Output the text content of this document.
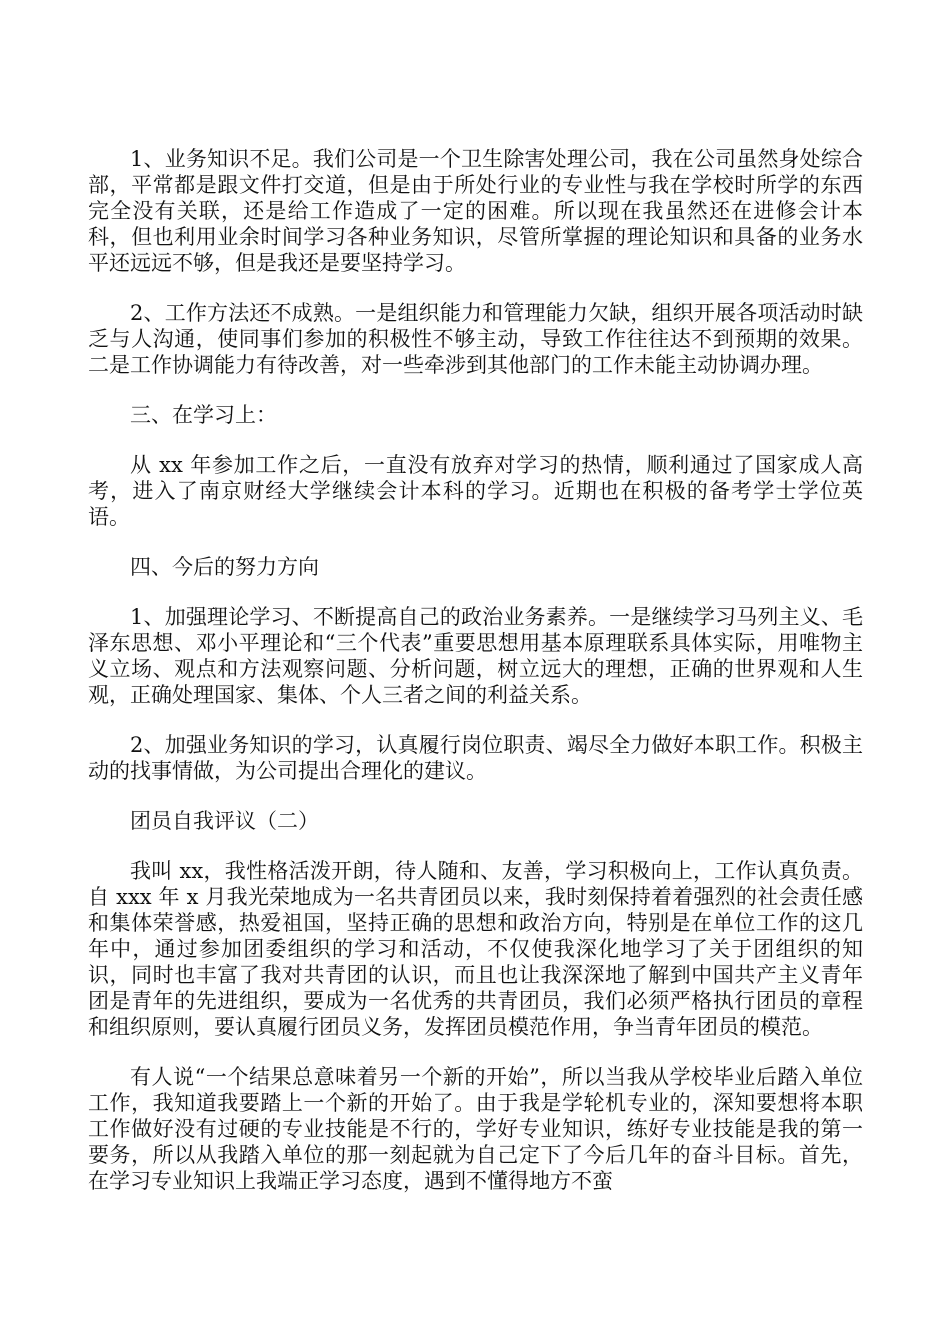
1、业务知识不足。我们公司是一个卫生除害处理公司，我在公司虽然身处综合部，平常都是跟文件打交道，但是由于所处行业的专业性与我在学校时所学的东西完全没有关联，还是给工作造成了一定的困难。所以现在我虽然还在进修会计本科，但也利用业余时间学习各种业务知识，尽管所掌握的理论知识和具备的业务水平还远远不够，但是我还是要坚持学习。

2、工作方法还不成熟。一是组织能力和管理能力欠缺，组织开展各项活动时缺乏与人沟通，使同事们参加的积极性不够主动，导致工作往往达不到预期的效果。二是工作协调能力有待改善，对一些牵涉到其他部门的工作未能主动协调办理。

三、在学习上：

从 xx 年参加工作之后，一直没有放弃对学习的热情，顺利通过了国家成人高考，进入了南京财经大学继续会计本科的学习。近期也在积极的备考学士学位英语。

四、今后的努力方向

1、加强理论学习、不断提高自己的政治业务素养。一是继续学习马列主义、毛泽东思想、邓小平理论和“三个代表”重要思想用基本原理联系具体实际，用唯物主义立场、观点和方法观察问题、分析问题，树立远大的理想，正确的世界观和人生观，正确处理国家、集体、个人三者之间的利益关系。

2、加强业务知识的学习，认真履行岗位职责、竭尽全力做好本职工作。积极主动的找事情做，为公司提出合理化的建议。

团员自我评议（二）

我叫 xx，我性格活泼开朗，待人随和、友善，学习积极向上，工作认真负责。自 xxx 年 x 月我光荣地成为一名共青团员以来，我时刻保持着着强烈的社会责任感和集体荣誉感，热爱祖国，坚持正确的思想和政治方向，特别是在单位工作的这几年中，通过参加团委组织的学习和活动，不仅使我深化地学习了关于团组织的知识，同时也丰富了我对共青团的认识，而且也让我深深地了解到中国共产主义青年团是青年的先进组织，要成为一名优秀的共青团员，我们必须严格执行团员的章程和组织原则，要认真履行团员义务，发挥团员模范作用，争当青年团员的模范。

有人说“一个结果总意味着另一个新的开始”，所以当我从学校毕业后踏入单位工作，我知道我要踏上一个新的开始了。由于我是学轮机专业的，深知要想将本职工作做好没有过硬的专业技能是不行的，学好专业知识，练好专业技能是我的第一要务，所以从我踏入单位的那一刻起就为自己定下了今后几年的奋斗目标。首先，在学习专业知识上我端正学习态度，遇到不懂得地方不蛮
